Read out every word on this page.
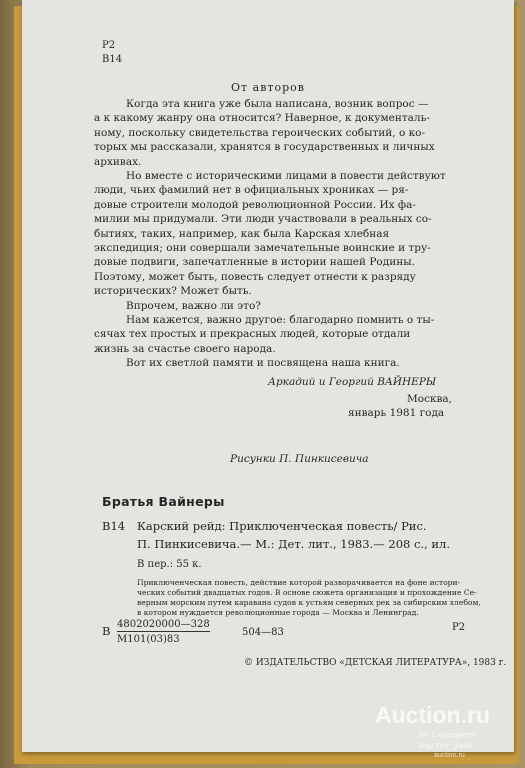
Р2
В14
От авторов
Когда эта книга уже была написана, возник вопрос —
а к какому жанру она относится? Наверное, к документаль-
ному, поскольку свидетельства героических событий, о ко-
торых мы рассказали, хранятся в государственных и личных
архивах.
Но вместе с историческими лицами в повести действуют
люди, чьих фамилий нет в официальных хрониках — ря-
довые строители молодой революционной России. Их фа-
милии мы придумали. Эти люди участвовали в реальных со-
бытиях, таких, например, как была Карская хлебная
экспедиция; они совершали замечательные воинские и тру-
довые подвиги, запечатленные в истории нашей Родины.
Поэтому, может быть, повесть следует отнести к разряду
исторических? Может быть.
Впрочем, важно ли это?
Нам кажется, важно другое: благодарно помнить о ты-
сячах тех простых и прекрасных людей, которые отдали
жизнь за счастье своего народа.
Вот их светлой памяти и посвящена наша книга.
Аркадий и Георгий ВАЙНЕРЫ
Москва,
январь 1981 года
Рисунки П. Пинкисевича
Братья Вайнеры
В14 Карский рейд: Приключенческая повесть/ Рис.
П. Пинкисевича.— М.: Дет. лит., 1983.— 208 с., ил.
В пер.: 55 к.
Приключенческая повесть, действие которой разворачивается на фоне истори-
ческих событий двадцатых годов. В основе сюжета организация и прохождение Се-
верным морским путем каравана судов к устьям северных рек за сибирским хлебом,
в котором нуждается революционные города — Москва и Ленинград.
В 4802020000—328
М101(03)83
504—83	Р2
© ИЗДАТЕЛЬСТВО «ДЕТСКАЯ ЛИТЕРАТУРА», 1983 г.
Auction.ru
Лот 1 и предметы
Argy.Tiny_glazki
auction.ru
